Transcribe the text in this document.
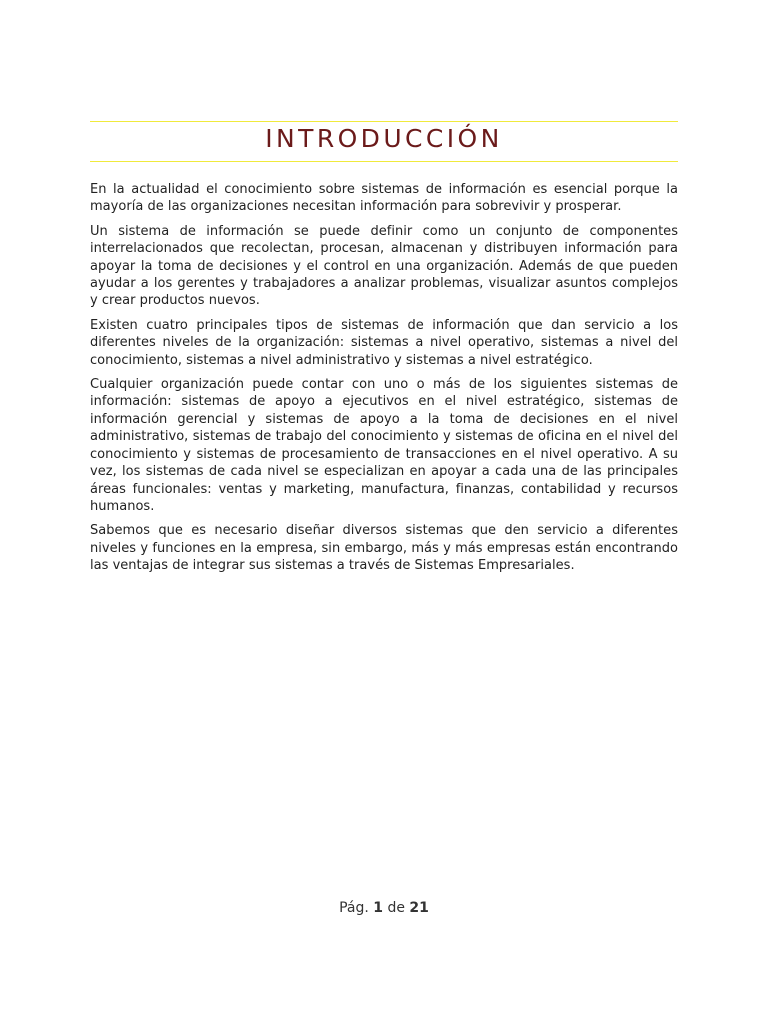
INTRODUCCIÓN

En la actualidad el conocimiento sobre sistemas de información es esencial porque la mayoría de las organizaciones necesitan información para sobrevivir y prosperar.

Un sistema de información se puede definir como un conjunto de componentes interrelacionados que recolectan, procesan, almacenan y distribuyen información para apoyar la toma de decisiones y el control en una organización. Además de que pueden ayudar a los gerentes y trabajadores a analizar problemas, visualizar asuntos complejos y crear productos nuevos.

Existen cuatro principales tipos de sistemas de información que dan servicio a los diferentes niveles de la organización: sistemas a nivel operativo, sistemas a nivel del conocimiento, sistemas a nivel administrativo y sistemas a nivel estratégico.

Cualquier organización puede contar con uno o más de los siguientes sistemas de información: sistemas de apoyo a ejecutivos en el nivel estratégico, sistemas de información gerencial y sistemas de apoyo a la toma de decisiones en el nivel administrativo, sistemas de trabajo del conocimiento y sistemas de oficina en el nivel del conocimiento y sistemas de procesamiento de transacciones en el nivel operativo. A su vez, los sistemas de cada nivel se especializan en apoyar a cada una de las principales áreas funcionales: ventas y marketing, manufactura, finanzas, contabilidad y recursos humanos.

Sabemos que es necesario diseñar diversos sistemas que den servicio a diferentes niveles y funciones en la empresa, sin embargo, más y más empresas están encontrando las ventajas de integrar sus sistemas a través de Sistemas Empresariales.

Pág. 1 de 21
